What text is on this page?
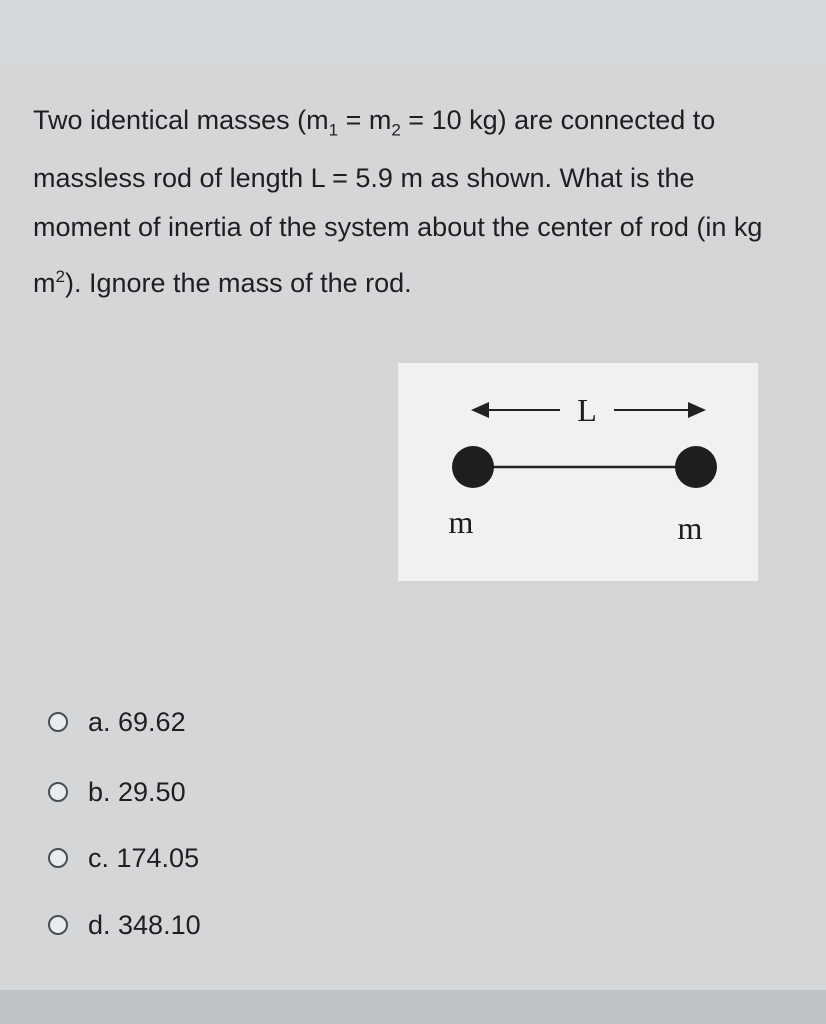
Two identical masses ($m_1 = m_2 = 10$ kg) are connected to massless rod of length L = 5.9 m as shown. What is the moment of inertia of the system about the center of rod (in kg $m^2$). Ignore the mass of the rod.
L
m	m
a. 69.62
b. 29.50
c. 174.05
d. 348.10
